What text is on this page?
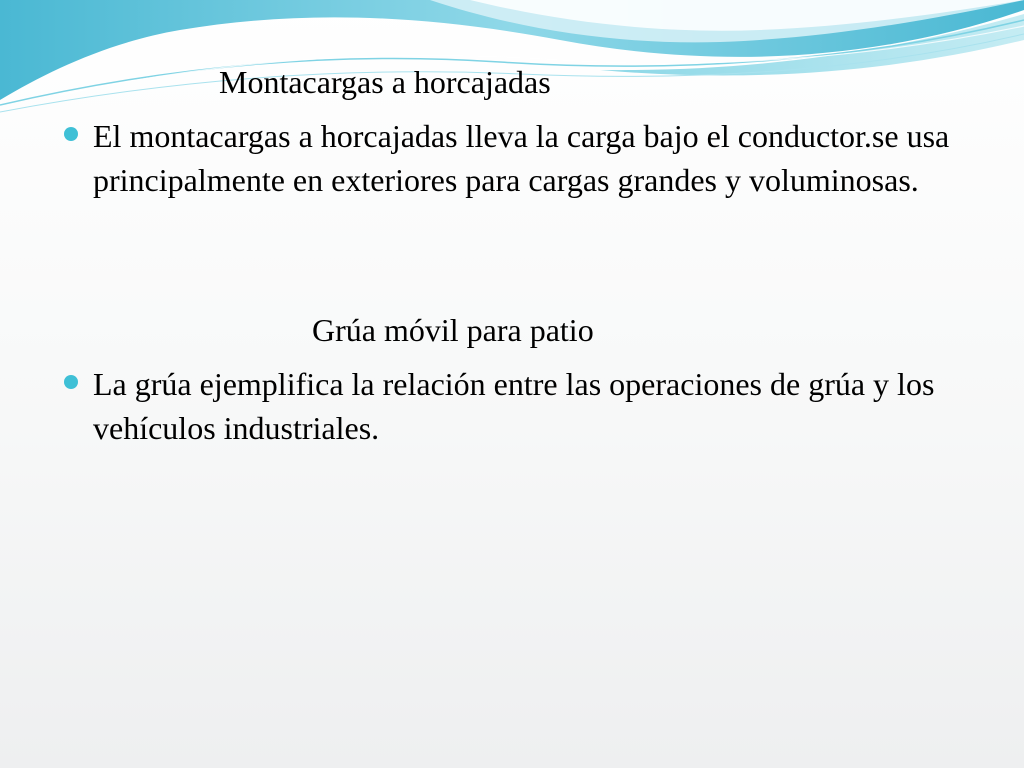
Montacargas a horcajadas

El montacargas a horcajadas lleva la carga bajo el conductor.se usa principalmente en exteriores para cargas grandes y voluminosas.

Grúa móvil para patio

La grúa ejemplifica la relación entre las operaciones de grúa y los vehículos industriales.
